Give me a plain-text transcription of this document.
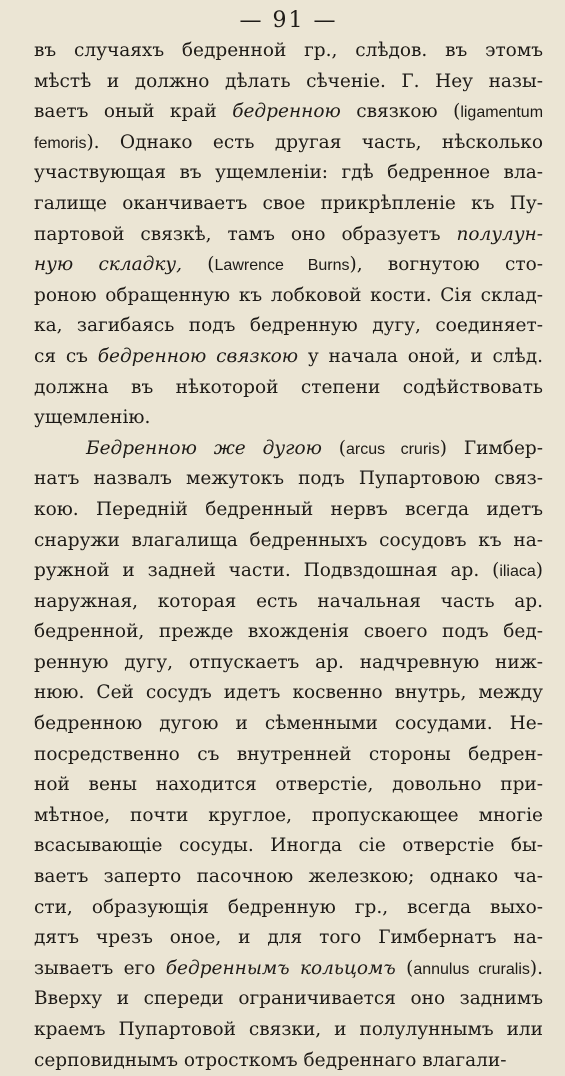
— 91 —
въ случаяхъ бедренной гр., слѣдов. въ этомъ
мѣстѣ и должно дѣлать сѣченіе. Г. Неу назы-
ваетъ оный край бедренною связкою (ligamentum
femoris). Однако есть другая часть, нѣсколько
участвующая въ ущемленіи: гдѣ бедренное вла-
галище оканчиваетъ свое прикрѣпленіе къ Пу-
партовой связкѣ, тамъ оно образуетъ полулун-
ную складку, (Lawrence Burns), вогнутою сто-
роною обращенную къ лобковой кости. Сія склад-
ка, загибаясь подъ бедренную дугу, соединяет-
ся съ бедренною связкою у начала оной, и слѣд.
должна въ нѣкоторой степени содѣйствовать
ущемленію.
Бедренною же дугою (arcus cruris) Гимбер-
натъ назвалъ межутокъ подъ Пупартовою связ-
кою. Передній бедренный нервъ всегда идетъ
снаружи влагалища бедренныхъ сосудовъ къ на-
ружной и задней части. Подвздошная ар. (iliaca)
наружная, которая есть начальная часть ар.
бедренной, прежде вхожденія своего подъ бед-
ренную дугу, отпускаетъ ар. надчревную ниж-
нюю. Сей сосудъ идетъ косвенно внутрь, между
бедренною дугою и сѣменными сосудами. Не-
посредственно съ внутренней стороны бедрен-
ной вены находится отверстіе, довольно при-
мѣтное, почти круглое, пропускающее многіе
всасывающіе сосуды. Иногда сіе отверстіе бы-
ваетъ заперто пасочною железкою; однако ча-
сти, образующія бедренную гр., всегда выхо-
дятъ чрезъ оное, и для того Гимбернатъ на-
зываетъ его бедреннымъ кольцомъ (annulus cruralis).
Вверху и спереди ограничивается оно заднимъ
краемъ Пупартовой связки, и полулуннымъ или
серповиднымъ отросткомъ бедреннаго влагали-
